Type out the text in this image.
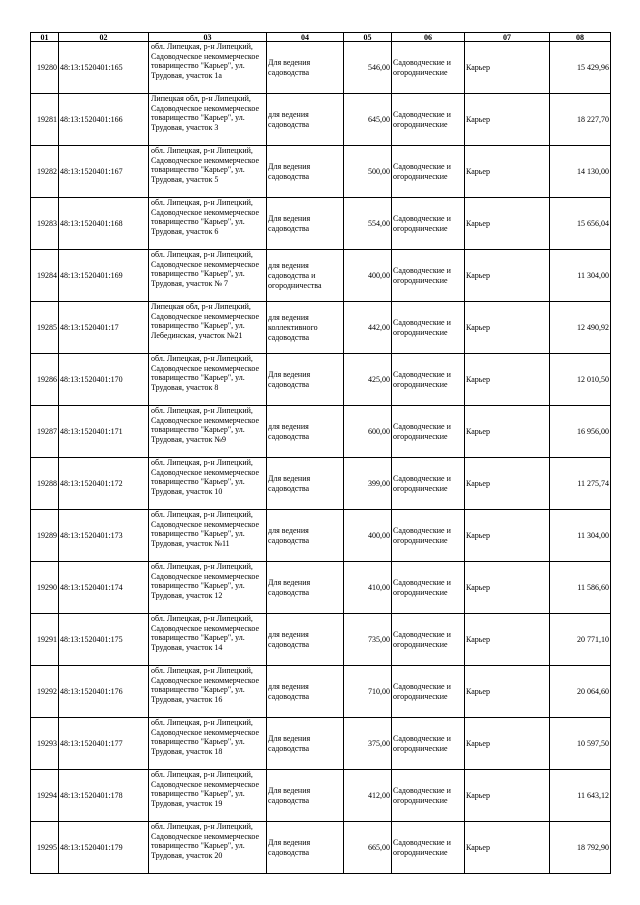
01	02	03	04	05	06	07	08
19280	48:13:1520401:165	обл. Липецкая, р-н Липецкий, Садоводческое некоммерческое товарищество "Карьер", ул. Трудовая, участок 1а	Для ведения садоводства	546,00	Садоводческие и огороднические	Карьер	15 429,96
19281	48:13:1520401:166	Липецкая обл, р-н Липецкий, Садоводческое некоммерческое товарищество "Карьер", ул. Трудовая, участок 3	для ведения садоводства	645,00	Садоводческие и огороднические	Карьер	18 227,70
19282	48:13:1520401:167	обл. Липецкая, р-н Липецкий, Садоводческое некоммерческое товарищество "Карьер", ул. Трудовая, участок 5	Для ведения садоводства	500,00	Садоводческие и огороднические	Карьер	14 130,00
19283	48:13:1520401:168	обл. Липецкая, р-н Липецкий, Садоводческое некоммерческое товарищество "Карьер", ул. Трудовая, участок 6	Для ведения садоводства	554,00	Садоводческие и огороднические	Карьер	15 656,04
19284	48:13:1520401:169	обл. Липецкая, р-н Липецкий, Садоводческое некоммерческое товарищество "Карьер", ул. Трудовая, участок № 7	для ведения садоводства и огородничества	400,00	Садоводческие и огороднические	Карьер	11 304,00
19285	48:13:1520401:17	Липецкая обл, р-н Липецкий, Садоводческое некоммерческое товарищество "Карьер", ул. Лебединская, участок №21	для ведения коллективного садоводства	442,00	Садоводческие и огороднические	Карьер	12 490,92
19286	48:13:1520401:170	обл. Липецкая, р-н Липецкий, Садоводческое некоммерческое товарищество "Карьер", ул. Трудовая, участок 8	Для ведения садоводства	425,00	Садоводческие и огороднические	Карьер	12 010,50
19287	48:13:1520401:171	обл. Липецкая, р-н Липецкий, Садоводческое некоммерческое товарищество "Карьер", ул. Трудовая, участок №9	для ведения садоводства	600,00	Садоводческие и огороднические	Карьер	16 956,00
19288	48:13:1520401:172	обл. Липецкая, р-н Липецкий, Садоводческое некоммерческое товарищество "Карьер", ул. Трудовая, участок 10	Для ведения садоводства	399,00	Садоводческие и огороднические	Карьер	11 275,74
19289	48:13:1520401:173	обл. Липецкая, р-н Липецкий, Садоводческое некоммерческое товарищество "Карьер", ул. Трудовая, участок №11	для ведения садоводства	400,00	Садоводческие и огороднические	Карьер	11 304,00
19290	48:13:1520401:174	обл. Липецкая, р-н Липецкий, Садоводческое некоммерческое товарищество "Карьер", ул. Трудовая, участок 12	Для ведения садоводства	410,00	Садоводческие и огороднические	Карьер	11 586,60
19291	48:13:1520401:175	обл. Липецкая, р-н Липецкий, Садоводческое некоммерческое товарищество "Карьер", ул. Трудовая, участок 14	для ведения садоводства	735,00	Садоводческие и огороднические	Карьер	20 771,10
19292	48:13:1520401:176	обл. Липецкая, р-н Липецкий, Садоводческое некоммерческое товарищество "Карьер", ул. Трудовая, участок 16	для ведения садоводства	710,00	Садоводческие и огороднические	Карьер	20 064,60
19293	48:13:1520401:177	обл. Липецкая, р-н Липецкий, Садоводческое некоммерческое товарищество "Карьер", ул. Трудовая, участок 18	Для ведения садоводства	375,00	Садоводческие и огороднические	Карьер	10 597,50
19294	48:13:1520401:178	обл. Липецкая, р-н Липецкий, Садоводческое некоммерческое товарищество "Карьер", ул. Трудовая, участок 19	Для ведения садоводства	412,00	Садоводческие и огороднические	Карьер	11 643,12
19295	48:13:1520401:179	обл. Липецкая, р-н Липецкий, Садоводческое некоммерческое товарищество "Карьер", ул. Трудовая, участок 20	Для ведения садоводства	665,00	Садоводческие и огороднические	Карьер	18 792,90
